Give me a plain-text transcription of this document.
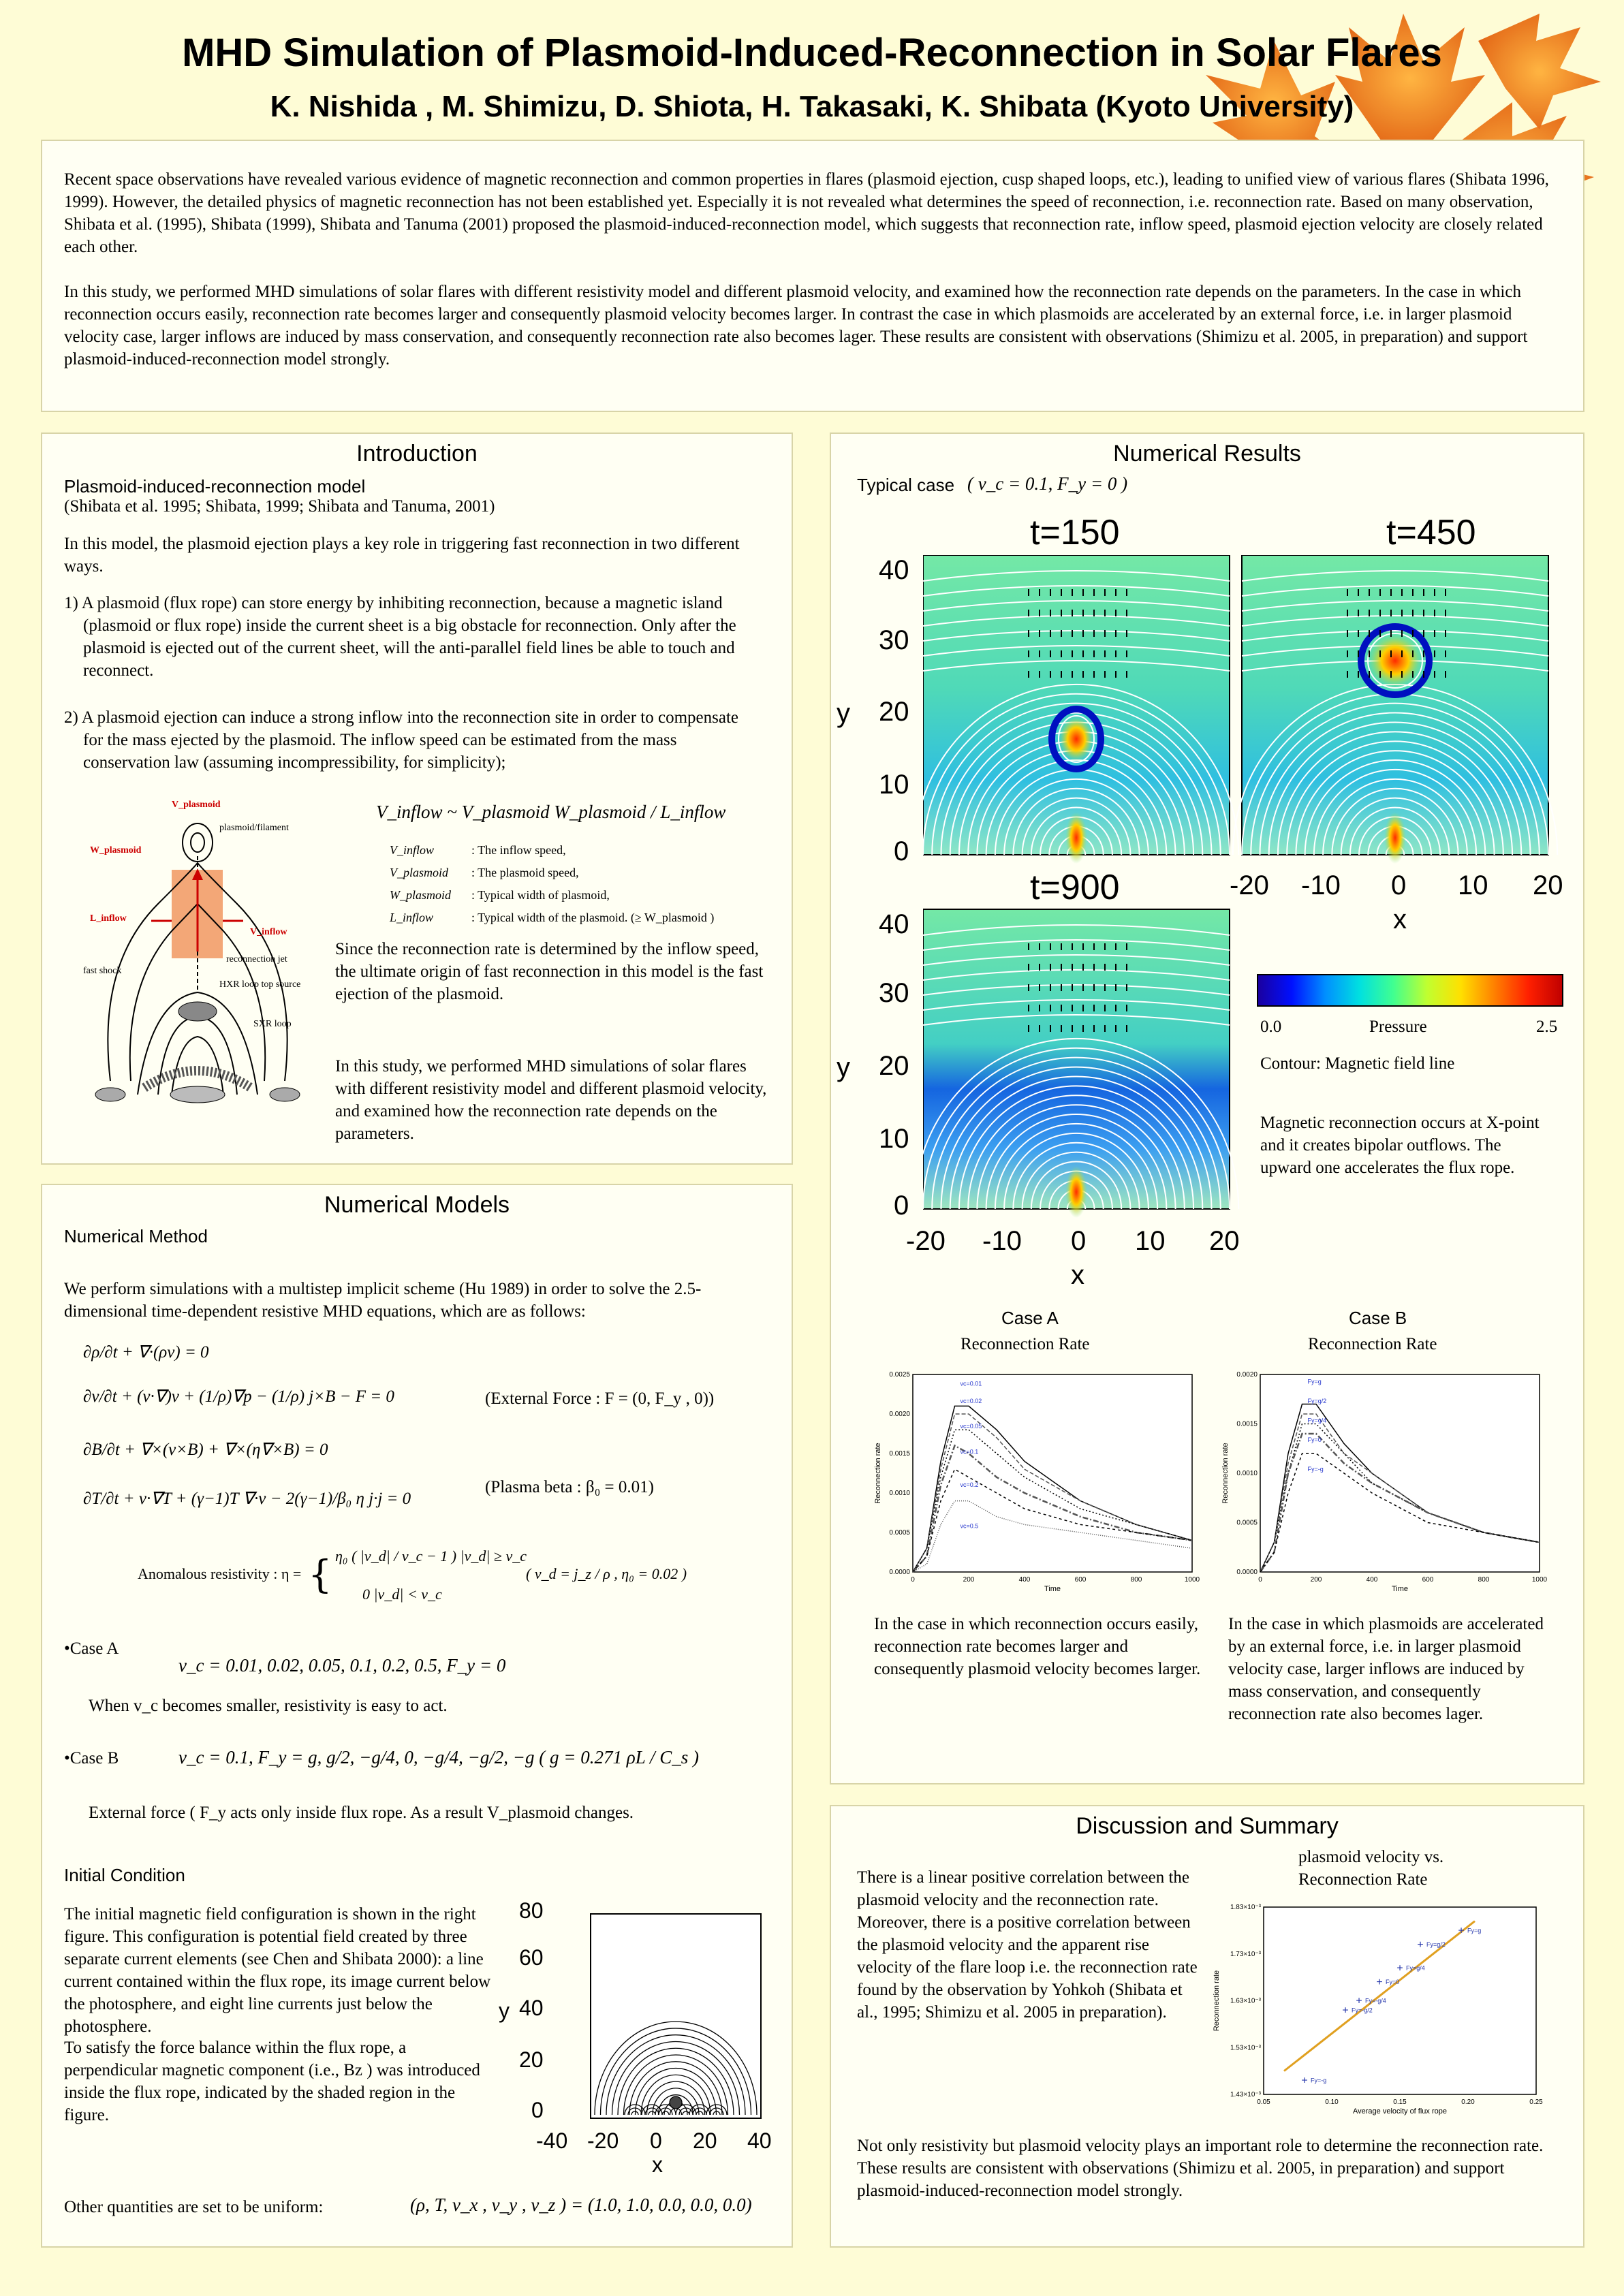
MHD Simulation of Plasmoid-Induced-Reconnection in Solar Flares
K. Nishida , M. Shimizu, D. Shiota, H. Takasaki, K. Shibata (Kyoto University)
Recent space observations have revealed various evidence of magnetic reconnection and common properties in flares (plasmoid ejection, cusp shaped loops, etc.), leading to unified view of various flares (Shibata 1996, 1999). However, the detailed physics of magnetic reconnection has not been established yet. Especially it is not revealed what determines the speed of reconnection, i.e. reconnection rate. Based on many observation, Shibata et al. (1995), Shibata (1999), Shibata and Tanuma (2001) proposed the plasmoid-induced-reconnection model, which suggests that reconnection rate, inflow speed, plasmoid ejection velocity are closely related each other.
In this study, we performed MHD simulations of solar flares with different resistivity model and different plasmoid velocity, and examined how the reconnection rate depends on the parameters. In the case in which reconnection occurs easily, reconnection rate becomes larger and consequently plasmoid velocity becomes larger. In contrast the case in which plasmoids are accelerated by an external force, i.e. in larger plasmoid velocity case, larger inflows are induced by mass conservation, and consequently reconnection rate also becomes lager. These results are consistent with observations (Shimizu et al. 2005, in preparation) and support plasmoid-induced-reconnection model strongly.
Introduction
Plasmoid-induced-reconnection model
(Shibata et al. 1995; Shibata, 1999; Shibata and Tanuma, 2001)
In this model, the plasmoid ejection plays a key role in triggering fast reconnection in two different ways.
1) A plasmoid (flux rope) can store energy by inhibiting reconnection, because a magnetic island (plasmoid or flux rope) inside the current sheet is a big obstacle for reconnection. Only after the plasmoid is ejected out of the current sheet, will the anti-parallel field lines be able to touch and reconnect.
2) A plasmoid ejection can induce a strong inflow into the reconnection site in order to compensate for the mass ejected by the plasmoid. The inflow speed can be estimated from the mass conservation law (assuming incompressibility, for simplicity);
V_plasmoid
plasmoid/filament
W_plasmoid
L_inflow
V_inflow
reconnection jet
fast shock
HXR loop top source
SXR loop
V_inflow ~ V_plasmoid W_plasmoid / L_inflow
V_inflow	: The inflow speed,
V_plasmoid : The plasmoid speed,
W_plasmoid : Typical width of plasmoid,
L_inflow	: Typical width of the plasmoid. (≥ W_plasmoid )
Since the reconnection rate is determined by the inflow speed, the ultimate origin of fast reconnection in this model is the fast ejection of the plasmoid.
In this study, we performed MHD simulations of solar flares with different resistivity model and different plasmoid velocity, and examined how the reconnection rate depends on the parameters.
Numerical Models
Numerical Method
We perform simulations with a multistep implicit scheme (Hu 1989) in order to solve the 2.5-dimensional time-dependent resistive MHD equations, which are as follows:
∂ρ/∂t + ∇·(ρv) = 0
∂v/∂t + (v·∇)v + (1/ρ)∇p − (1/ρ) j×B − F = 0
∂B/∂t + ∇×(v×B) + ∇×(η∇×B) = 0
∂T/∂t + v·∇T + (γ−1)T ∇·v − 2(γ−1)/β₀ η j·j = 0
(External Force : F = (0, F_y , 0))
(Plasma beta : β₀ = 0.01)
Anomalous resistivity : η = { η₀ ( |v_d| / v_c − 1 ) |v_d| ≥ v_c
0 |v_d| < v_c
( v_d = j_z / ρ , η₀ = 0.02 )
•Case A
v_c = 0.01, 0.02, 0.05, 0.1, 0.2, 0.5, F_y = 0
When v_c becomes smaller, resistivity is easy to act.
•Case B	v_c = 0.1, F_y = g, g/2, −g/4, 0, −g/4, −g/2, −g ( g = 0.271 ρL / C_s )
External force ( F_y acts only inside flux rope. As a result V_plasmoid changes.
Initial Condition
The initial magnetic field configuration is shown in the right figure. This configuration is potential field created by three separate current elements (see Chen and Shibata 2000): a line current contained within the flux rope, its image current below the photosphere, and eight line currents just below the photosphere.
To satisfy the force balance within the flux rope, a perpendicular magnetic component (i.e., Bz ) was introduced inside the flux rope, indicated by the shaded region in the figure.
Other quantities are set to be uniform:	(ρ, T, v_x , v_y , v_z ) = (1.0, 1.0, 0.0, 0.0, 0.0)
80
60
40
20
0
y
-40 -20 0 20 40
x
Numerical Results
Typical case ( v_c = 0.1, F_y = 0 )
t=150	t=450
t=900
40
30
20
10
0
y
40
30
20
10
0
y
-20 -10 0 10 20
x
-20 -10 0 10 20
x
0.0	Pressure	2.5
Contour: Magnetic field line
Magnetic reconnection occurs at X-point and it creates bipolar outflows. The upward one accelerates the flux rope.
Case A
Reconnection Rate
Case B
Reconnection Rate
0	200	400	600	800	1000
0.0000
0.0005
0.0010
0.0015
0.0020
0.0025
Time
Reconnection rate
vc=0.01
vc=0.02
vc=0.05
vc=0.1
vc=0.2
vc=0.5
0	200	400	600	800	1000
0.0000
0.0005
0.0010
0.0015
0.0020
Time
Reconnection rate
Fy=g
Fy=g/2
Fy=g/4
Fy=0
Fy=-g
In the case in which reconnection occurs easily, reconnection rate becomes larger and consequently plasmoid velocity becomes larger.
In the case in which plasmoids are accelerated by an external force, i.e. in larger plasmoid velocity case, larger inflows are induced by mass conservation, and consequently reconnection rate also becomes lager.
Discussion and Summary
There is a linear positive correlation between the plasmoid velocity and the reconnection rate. Moreover, there is a positive correlation between the plasmoid velocity and the apparent rise velocity of the flare loop i.e. the reconnection rate found by the observation by Yohkoh (Shibata et al., 1995; Shimizu et al. 2005 in preparation).
Not only resistivity but plasmoid velocity plays an important role to determine the reconnection rate. These results are consistent with observations (Shimizu et al. 2005, in preparation) and support plasmoid-induced-reconnection model strongly.
plasmoid velocity vs. Reconnection Rate
0.05	0.10	0.15	0.20	0.25
1.83×10⁻³
1.73×10⁻³
1.63×10⁻³
1.53×10⁻³
1.43×10⁻³
Average velocity of flux rope
Reconnection rate
+ Fy=-g
+ Fy=-g/2
+ Fy=-g/4
+ Fy=0
+ Fy=g/4
+ Fy=g/2
+ Fy=g
